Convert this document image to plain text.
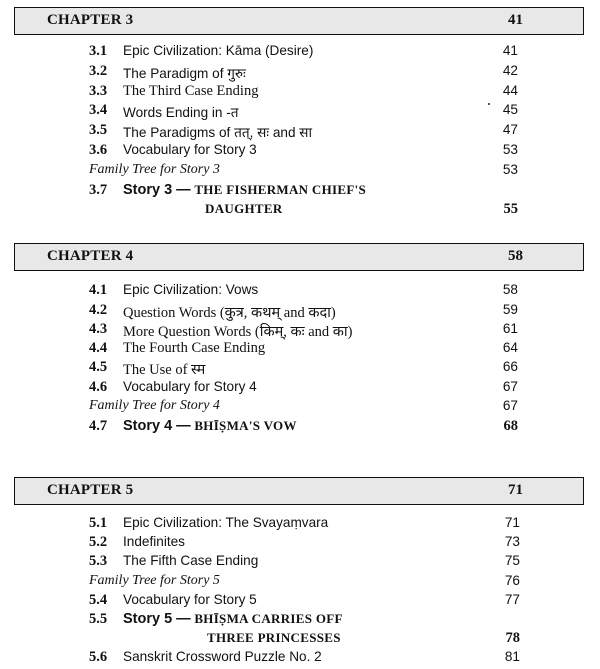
CHAPTER 3	41
3.1 Epic Civilization: Kāma (Desire)	41
3.2 The Paradigm of गुरुः	42
3.3 The Third Case Ending	44
3.4 Words Ending in -त	45
3.5 The Paradigms of तत्, सः and सा	47
3.6 Vocabulary for Story 3	53
Family Tree for Story 3	53
3.7 Story 3 — THE FISHERMAN CHIEF'S
DAUGHTER	55
CHAPTER 4	58
4.1 Epic Civilization: Vows	58
4.2 Question Words (कुत्र, कथम् and कदा)	59
4.3 More Question Words (किम्, कः and का)	61
4.4 The Fourth Case Ending	64
4.5 The Use of स्म	66
4.6 Vocabulary for Story 4	67
Family Tree for Story 4	67
4.7 Story 4 — BHĪṢMA'S VOW	68
CHAPTER 5	71
5.1 Epic Civilization: The Svayaṃvara	71
5.2 Indefinites	73
5.3 The Fifth Case Ending	75
Family Tree for Story 5	76
5.4 Vocabulary for Story 5	77
5.5 Story 5 — BHĪṢMA CARRIES OFF
THREE PRINCESSES	78
5.6 Sanskrit Crossword Puzzle No. 2	81
